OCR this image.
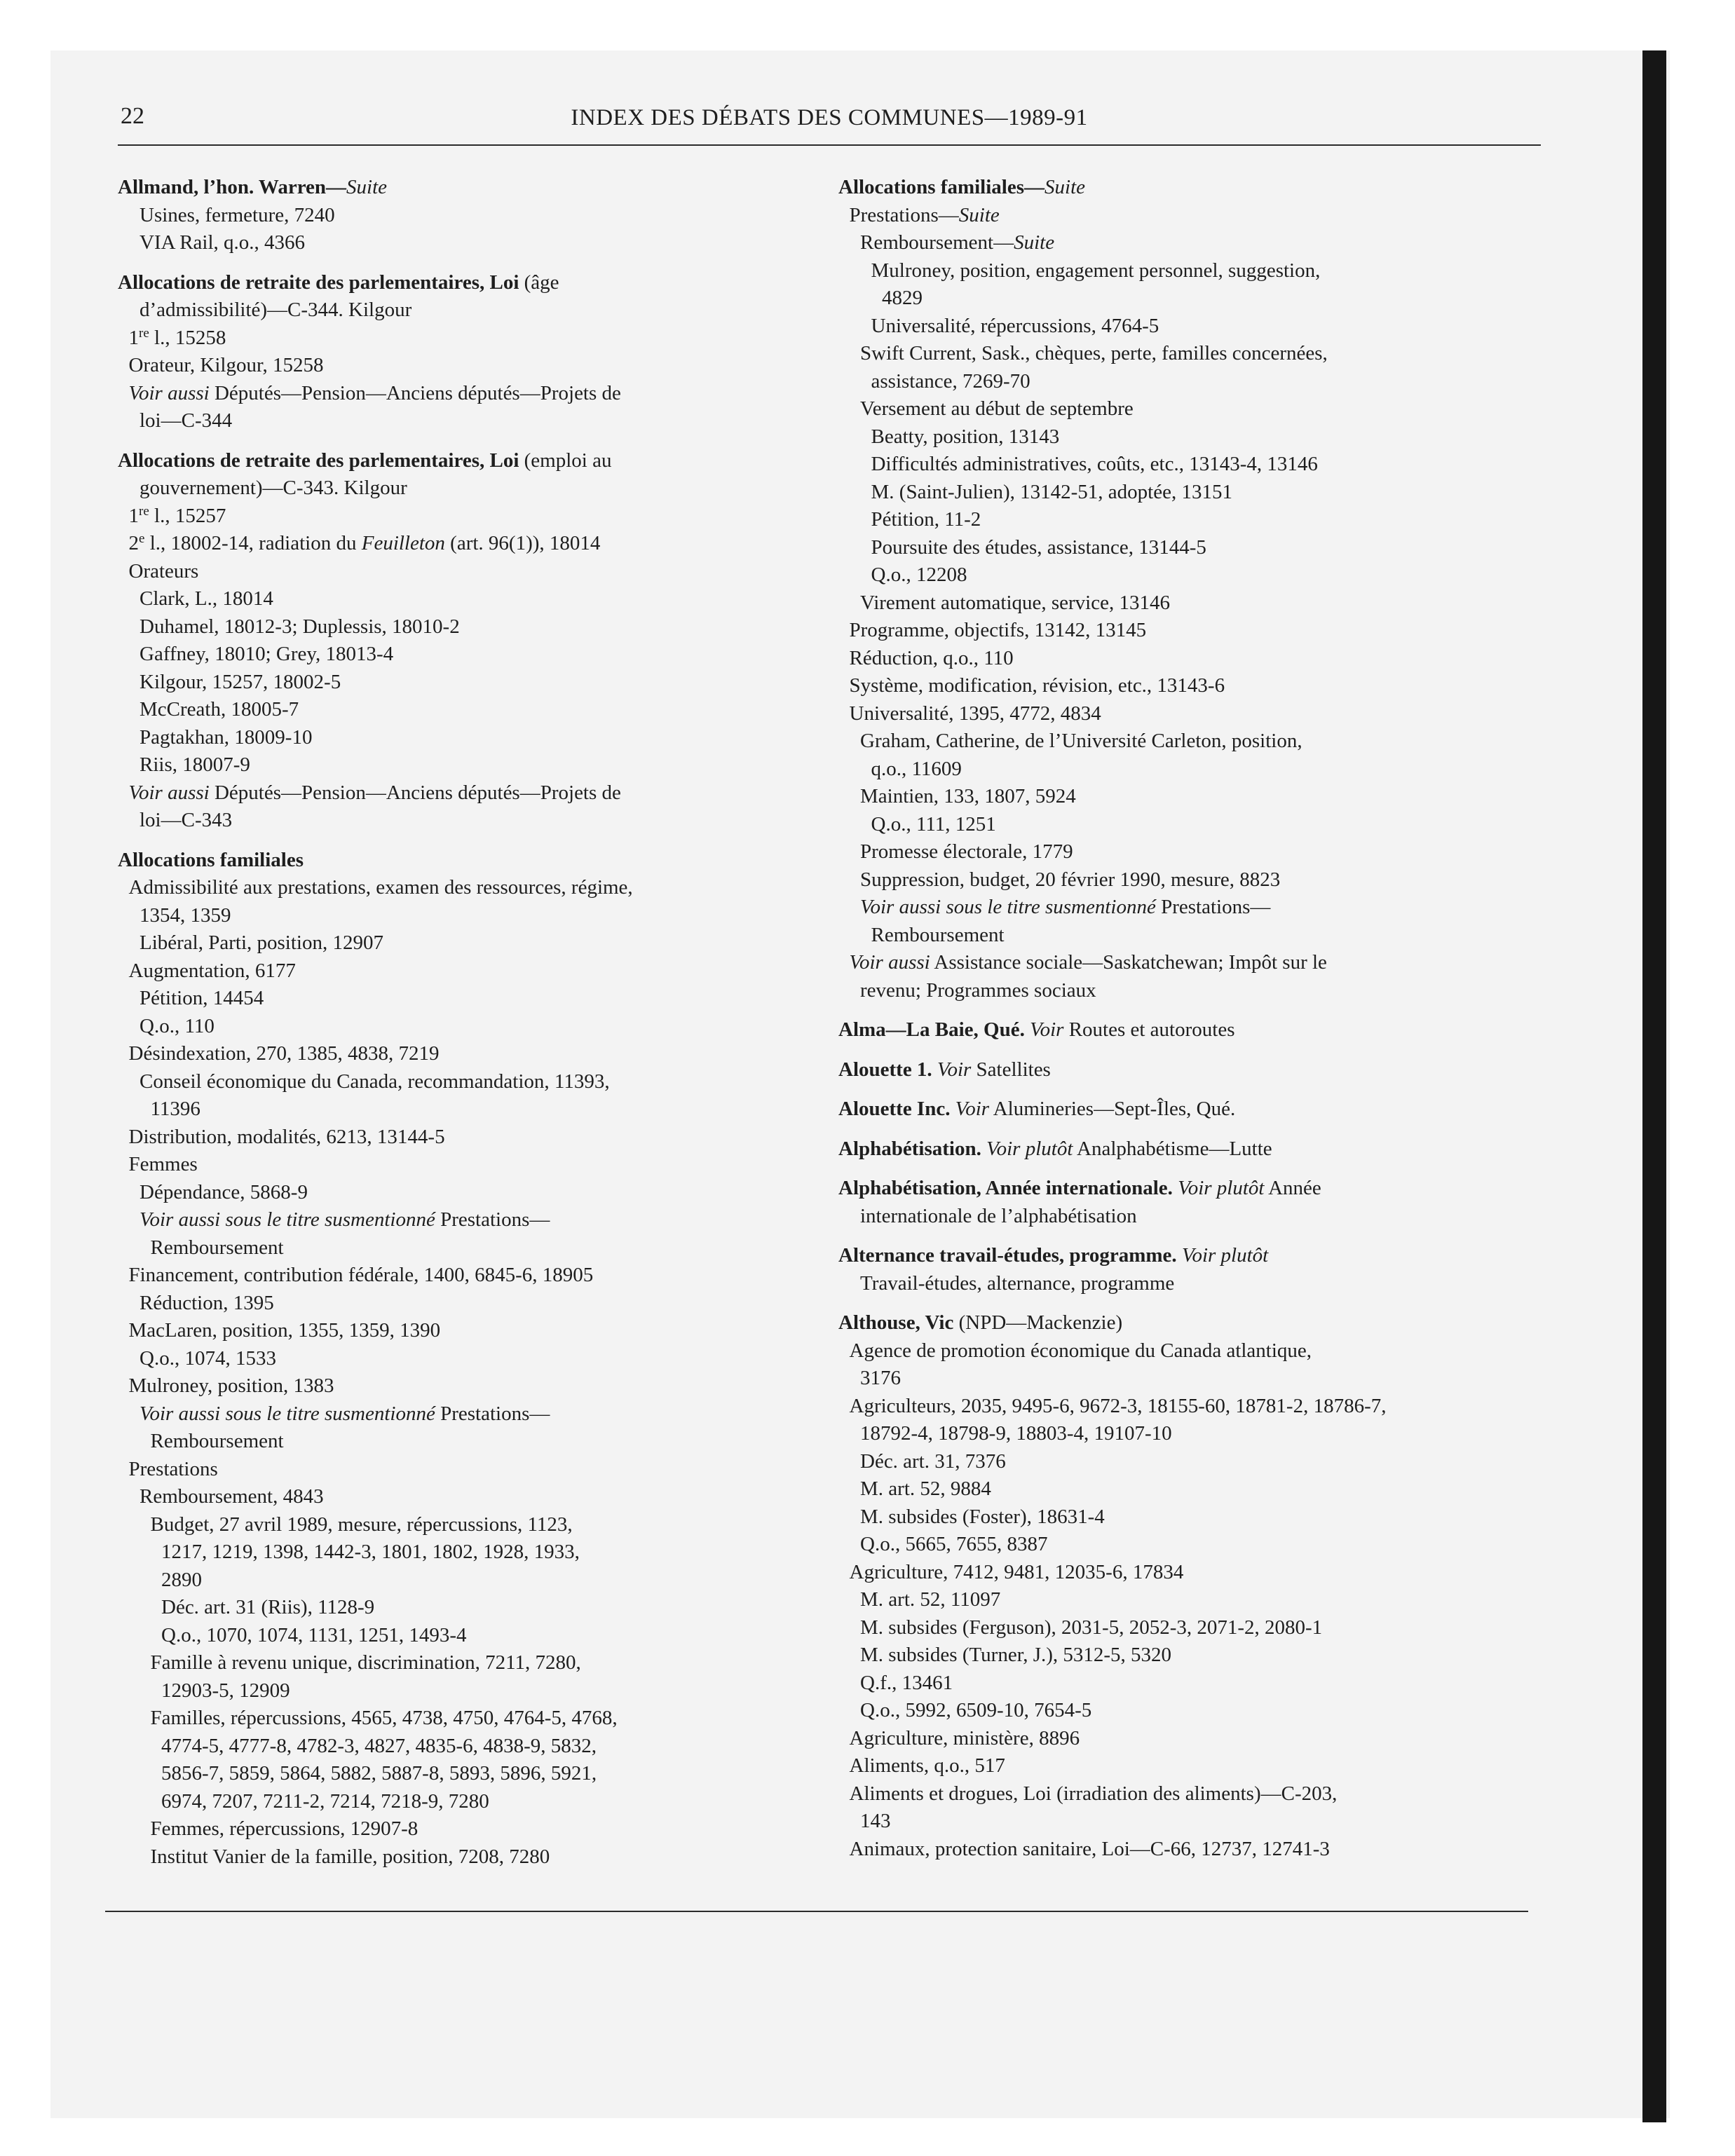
22	INDEX DES DÉBATS DES COMMUNES—1989-91
Allmand, l’hon. Warren—Suite
Usines, fermeture, 7240
VIA Rail, q.o., 4366
Allocations de retraite des parlementaires, Loi (âge
d’admissibilité)—C-344. Kilgour
1re l., 15258
Orateur, Kilgour, 15258
Voir aussi Députés—Pension—Anciens députés—Projets de
loi—C-344
Allocations de retraite des parlementaires, Loi (emploi au
gouvernement)—C-343. Kilgour
1re l., 15257
2e l., 18002-14, radiation du Feuilleton (art. 96(1)), 18014
Orateurs
Clark, L., 18014
Duhamel, 18012-3; Duplessis, 18010-2
Gaffney, 18010; Grey, 18013-4
Kilgour, 15257, 18002-5
McCreath, 18005-7
Pagtakhan, 18009-10
Riis, 18007-9
Voir aussi Députés—Pension—Anciens députés—Projets de
loi—C-343
Allocations familiales
Admissibilité aux prestations, examen des ressources, régime,
1354, 1359
Libéral, Parti, position, 12907
Augmentation, 6177
Pétition, 14454
Q.o., 110
Désindexation, 270, 1385, 4838, 7219
Conseil économique du Canada, recommandation, 11393,
11396
Distribution, modalités, 6213, 13144-5
Femmes
Dépendance, 5868-9
Voir aussi sous le titre susmentionné Prestations—
Remboursement
Financement, contribution fédérale, 1400, 6845-6, 18905
Réduction, 1395
MacLaren, position, 1355, 1359, 1390
Q.o., 1074, 1533
Mulroney, position, 1383
Voir aussi sous le titre susmentionné Prestations—
Remboursement
Prestations
Remboursement, 4843
Budget, 27 avril 1989, mesure, répercussions, 1123,
1217, 1219, 1398, 1442-3, 1801, 1802, 1928, 1933,
2890
Déc. art. 31 (Riis), 1128-9
Q.o., 1070, 1074, 1131, 1251, 1493-4
Famille à revenu unique, discrimination, 7211, 7280,
12903-5, 12909
Familles, répercussions, 4565, 4738, 4750, 4764-5, 4768,
4774-5, 4777-8, 4782-3, 4827, 4835-6, 4838-9, 5832,
5856-7, 5859, 5864, 5882, 5887-8, 5893, 5896, 5921,
6974, 7207, 7211-2, 7214, 7218-9, 7280
Femmes, répercussions, 12907-8
Institut Vanier de la famille, position, 7208, 7280
Allocations familiales—Suite
Prestations—Suite
Remboursement—Suite
Mulroney, position, engagement personnel, suggestion,
4829
Universalité, répercussions, 4764-5
Swift Current, Sask., chèques, perte, familles concernées,
assistance, 7269-70
Versement au début de septembre
Beatty, position, 13143
Difficultés administratives, coûts, etc., 13143-4, 13146
M. (Saint-Julien), 13142-51, adoptée, 13151
Pétition, 11-2
Poursuite des études, assistance, 13144-5
Q.o., 12208
Virement automatique, service, 13146
Programme, objectifs, 13142, 13145
Réduction, q.o., 110
Système, modification, révision, etc., 13143-6
Universalité, 1395, 4772, 4834
Graham, Catherine, de l’Université Carleton, position,
q.o., 11609
Maintien, 133, 1807, 5924
Q.o., 111, 1251
Promesse électorale, 1779
Suppression, budget, 20 février 1990, mesure, 8823
Voir aussi sous le titre susmentionné Prestations—
Remboursement
Voir aussi Assistance sociale—Saskatchewan; Impôt sur le
revenu; Programmes sociaux
Alma—La Baie, Qué. Voir Routes et autoroutes
Alouette 1. Voir Satellites
Alouette Inc. Voir Alumineries—Sept-Îles, Qué.
Alphabétisation. Voir plutôt Analphabétisme—Lutte
Alphabétisation, Année internationale. Voir plutôt Année
internationale de l’alphabétisation
Alternance travail-études, programme. Voir plutôt
Travail-études, alternance, programme
Althouse, Vic (NPD—Mackenzie)
Agence de promotion économique du Canada atlantique,
3176
Agriculteurs, 2035, 9495-6, 9672-3, 18155-60, 18781-2, 18786-7,
18792-4, 18798-9, 18803-4, 19107-10
Déc. art. 31, 7376
M. art. 52, 9884
M. subsides (Foster), 18631-4
Q.o., 5665, 7655, 8387
Agriculture, 7412, 9481, 12035-6, 17834
M. art. 52, 11097
M. subsides (Ferguson), 2031-5, 2052-3, 2071-2, 2080-1
M. subsides (Turner, J.), 5312-5, 5320
Q.f., 13461
Q.o., 5992, 6509-10, 7654-5
Agriculture, ministère, 8896
Aliments, q.o., 517
Aliments et drogues, Loi (irradiation des aliments)—C-203,
143
Animaux, protection sanitaire, Loi—C-66, 12737, 12741-3
